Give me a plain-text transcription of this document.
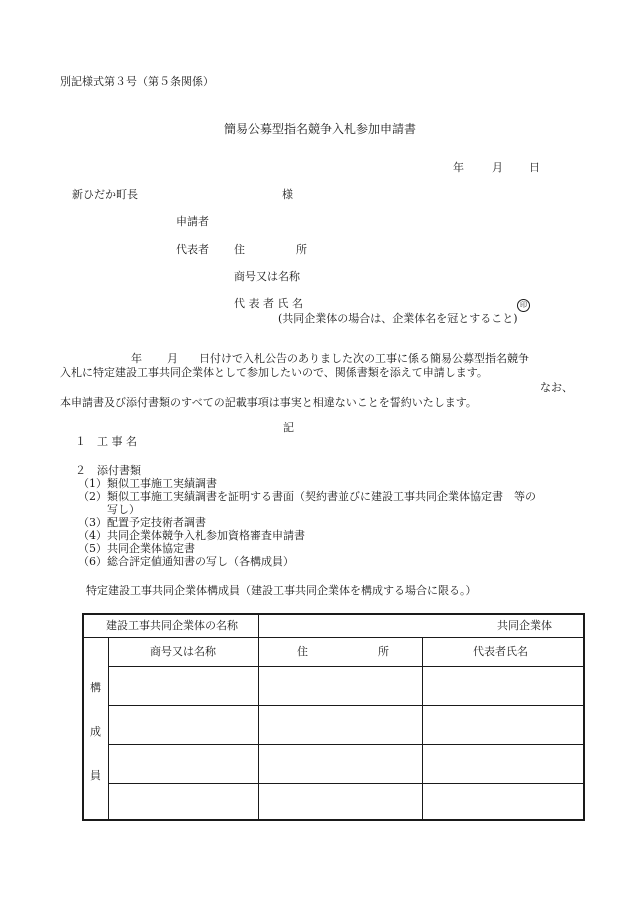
別記様式第３号（第５条関係）
簡易公募型指名競争入札参加申請書
年	月 日
新ひだか町長	様
申請者
代表者 住	所
商号又は名称
代 表 者 氏 名	印
(共同企業体の場合は、企業体名を冠とすること)
年 月 日付けで入札公告のありました次の工事に係る簡易公募型指名競争
入札に特定建設工事共同企業体として参加したいので、関係書類を添えて申請します。
なお、
本申請書及び添付書類のすべての記載事項は事実と相違ないことを誓約いたします。
記
１　工 事 名
２　添付書類
（1）類似工事施工実績調書
（2）類似工事施工実績調書を証明する書面（契約書並びに建設工事共同企業体協定書　等の
写し）
（3）配置予定技術者調書
（4）共同企業体競争入札参加資格審査申請書
（5）共同企業体協定書
（6）総合評定値通知書の写し（各構成員）
特定建設工事共同企業体構成員（建設工事共同企業体を構成する場合に限る。）
建設工事共同企業体の名称	共同企業体
商号又は名称	住	所	代表者氏名
構
成
員
